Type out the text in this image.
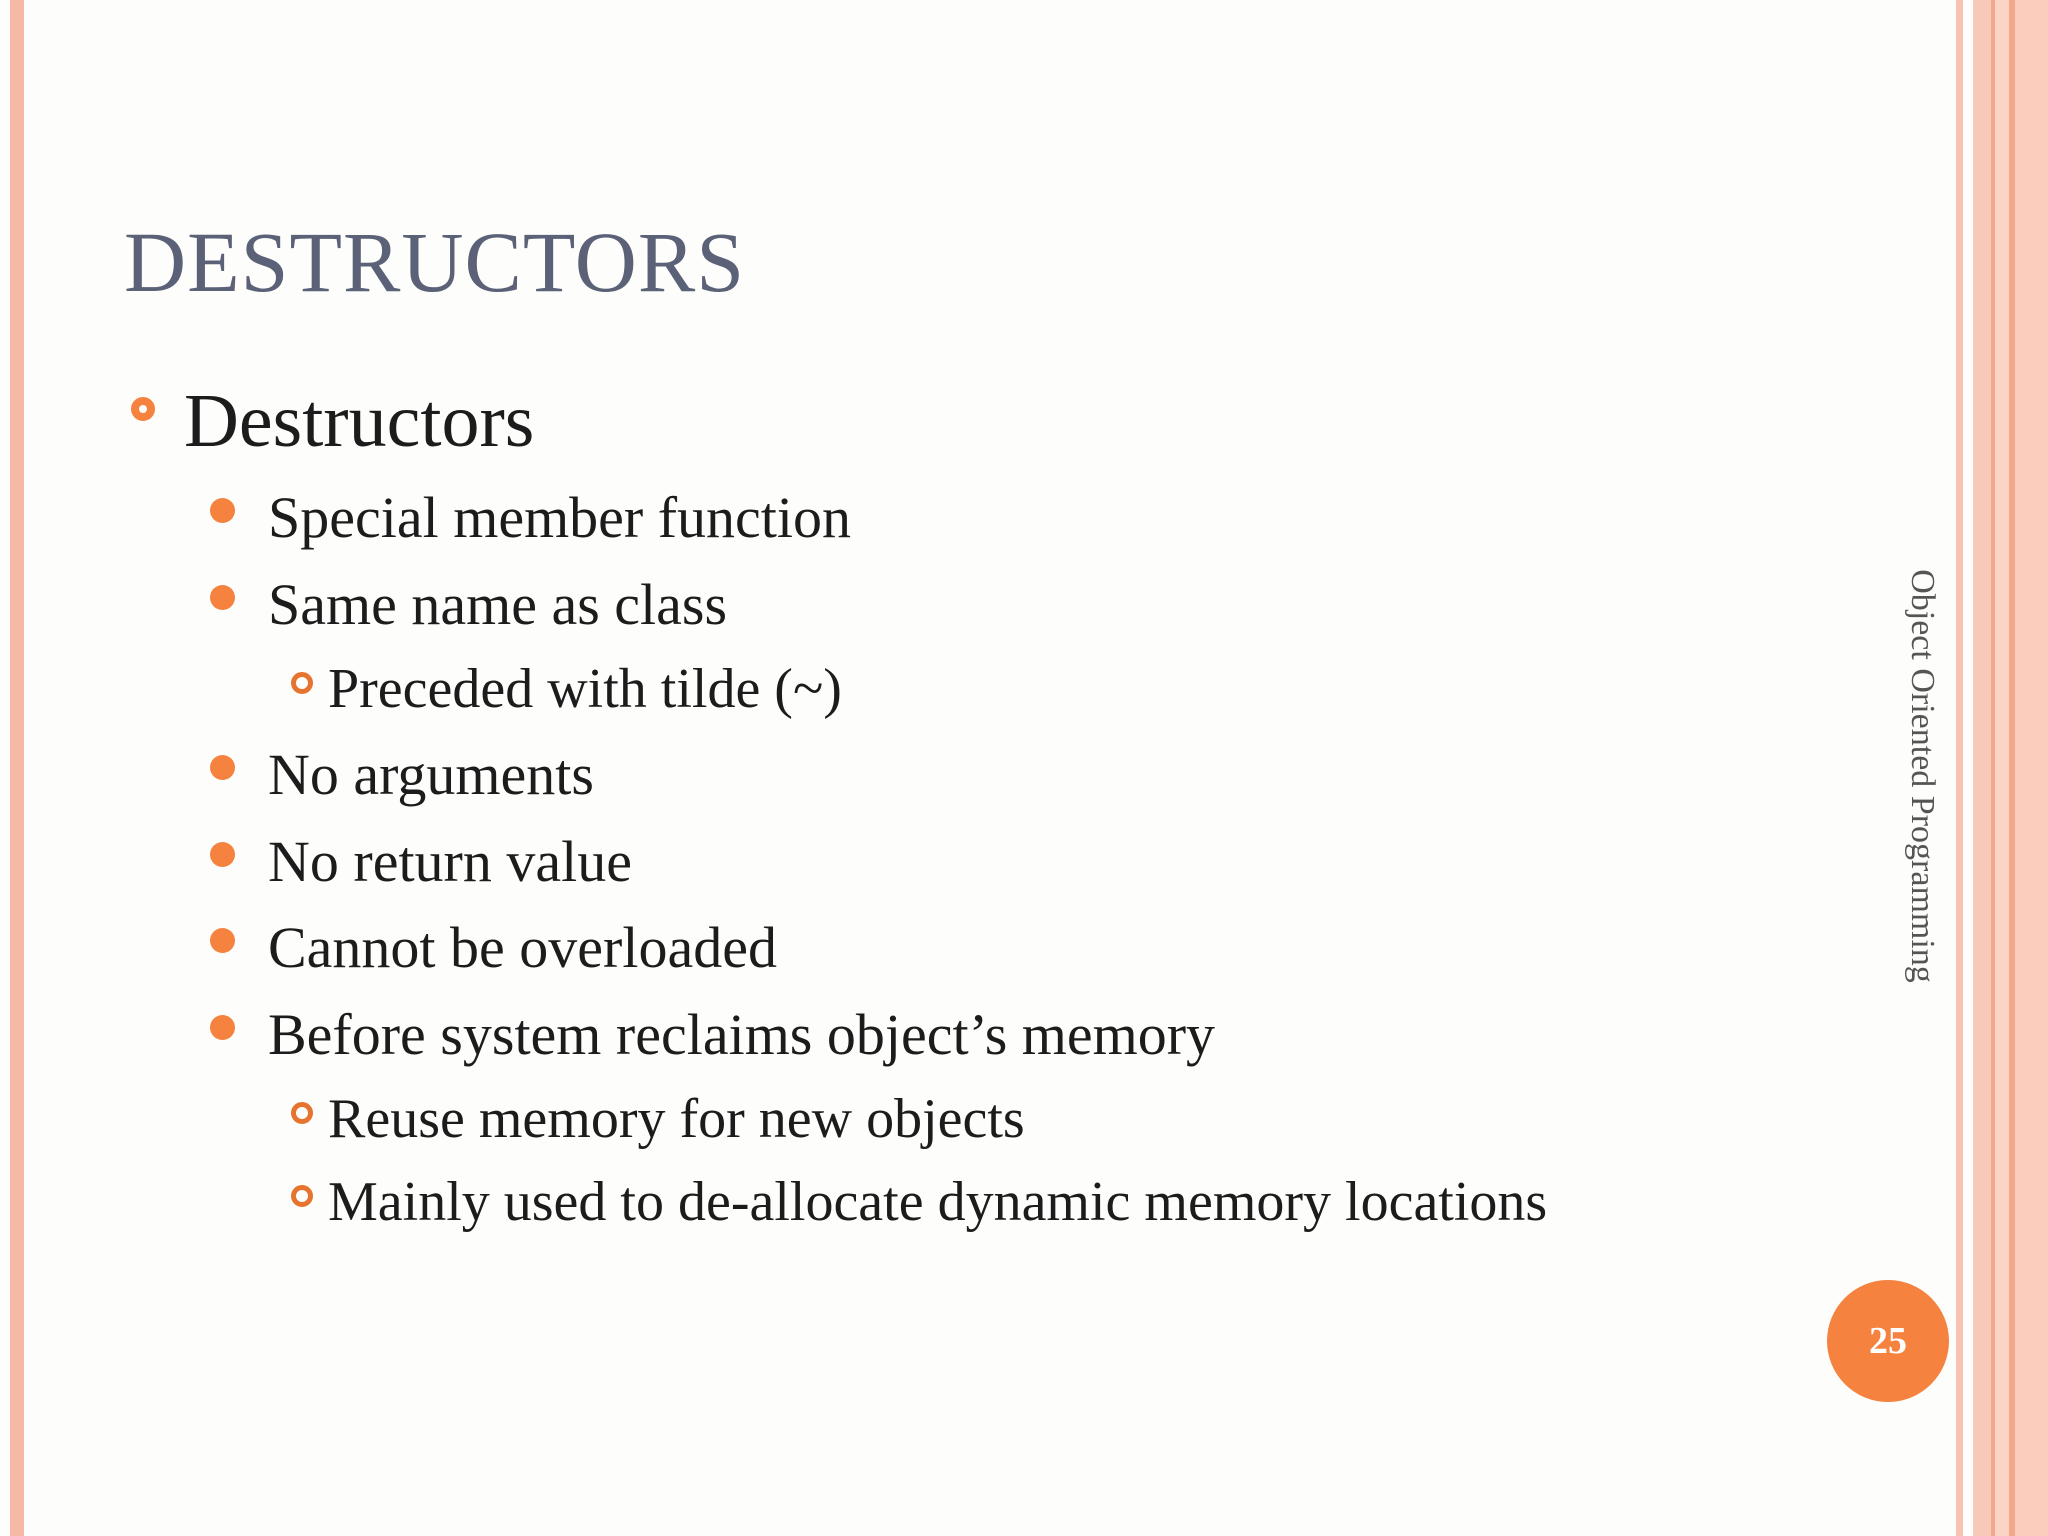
DESTRUCTORS
Destructors
Special member function
Same name as class
Preceded with tilde (~)
No arguments
No return value
Cannot be overloaded
Before system reclaims object’s memory
Reuse memory for new objects
Mainly used to de-allocate dynamic memory locations
Object Oriented Programming
25
